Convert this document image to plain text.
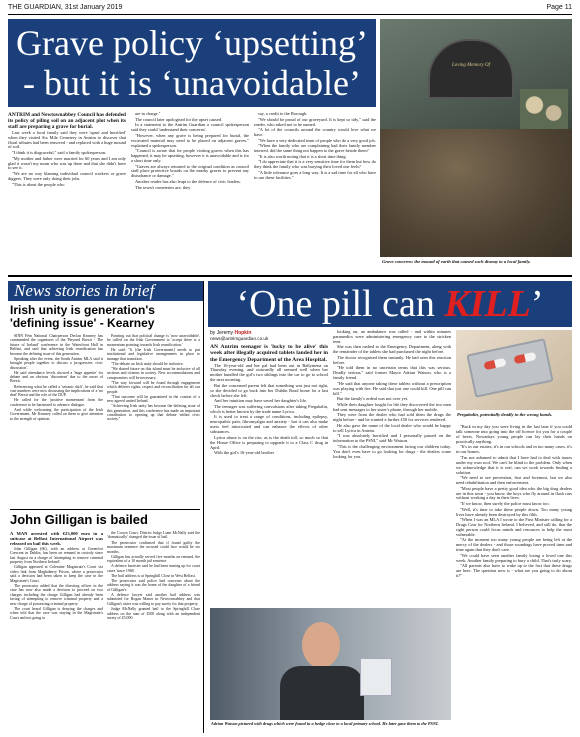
THE GUARDIAN, 31st January 2019	Page 11
Grave policy ‘upsetting’
- but it is ‘unavoidable’	Loving Memory Of
Grave concerns: the mound of earth that caused such dismay to a local family.

ANTRIM and Newtownabbey Council has defended its policy of piling soil on an adjacent plot when its staff are preparing a grave for burial.

Last week a local family said they were 'upset and horrified' when they visited Six Mile Cemetery in Antrim to discover that floral tributes had been removed - and replaced with a huge mound of soil.

"I think it is disgraceful," said a family spokesperson.

"My mother and father were married for 60 years and I am only glad it wasn't my mum who was up there and that she didn't have to see it.

"We are no way blaming individual council workers or grave diggers. They were only doing their jobs.

"This is about the people who

are in charge."

The council later apologised for the upset caused.

In a statement to the Antrim Guardian a council spokesperson said they could 'understand their concerns'.

"However, when any grave is being prepared for burial, the excavated material may need to be placed on adjacent graves," explained a spokesperson.

"Council is aware that for people visiting graves when this has happened, it may be upsetting, however it is unavoidable and is for a short time only.

"Graves are always returned to the original condition as council staff place protective boards on the nearby graves to prevent any disturbance or damage."

Another reader has also leapt to the defence of civic leaders.

The town's cemeteries are, they

say, a credit to the Borough.

"We should be proud of our graveyard. It is kept so tidy," said the reader, who asked not to be named.

"A lot of the councils around the country would love what we have.

"We have a very dedicated team of people who do a very good job.

"When the family who are complaining had their family member interred, did the same thing not happen to the grave beside them?

"It is also worth noting that it is a short time thing.

"I do appreciate that it is a very sensitive time for them but how do they think the family who was burying their loved one feels?

"A little tolerance goes a long way. It is a sad time for all who have to use these facilities."

News stories in brief
Irish unity is generation's 'defining issue' - Kearney

SINN Féin National Chairperson Declan Kearney has commended the organisers of the 'Beyond Brexit - The future of Ireland' conference in the Waterfront Hall in Belfast, and said that achieving Irish reunification has become the defining issue of this generation.

Speaking after the event, the South Antrim MLA said it brought people together to discuss a 'progressive, civic discussion'.

He said attendance levels showed a 'huge appetite' for debate and an obvious 'discontent' due to the onset of Brexit.

Referencing what he called a 'seismic shift', he said that vast numbers were now discussing the implications of a 'no deal' Brexit and the role of the DUP.

He called for the 'positive momentum' from the conference to be harnessed to advance dialogue.

And while welcoming the participation of the Irish Government, Mr Kearney called on them to give attention to the strength of opinion.

Pointing out that political change is 'now unavoidable', he called on the Irish Government to 'accept there is a momentum pointing towards Irish reunification.'

He said: "It [the Irish Government] needs to put institutional and legislative arrangements in place to manage that transition.

"The debate on Irish unity should be inclusive.

"We shared future on this island must be inclusive of all sections and citizens in society. New accommodations and compromises will be necessary.

"The way forward will be found through engagement which delivers rights, respect and reconciliation for all our people.

"That outcome will be guaranteed in the context of a new agreed united Ireland.

"Achieving Irish unity has become the defining issue of this generation, and this conference has made an important contribution to opening up that debate within civic society."

John Gilligan is bailed

A MAN arrested with €23,000 euro in a suitcase at Belfast International Airport was released on bail this week.

John Gilligan (66), with an address at Greenfort Crescent in Dublin, has been on remand in custody since last August on a charge of 'attempting to remove criminal property from Northern Ireland'.

Gilligan appeared at Coleraine Magistrate's Court via video link from Maghaberry Prison, where a prosecutor said a decision had been taken to keep the case in the Magistrate's Court.

The prosecutor added that the directing officer in the case has now also made a decision to proceed on two charges including the charge Gilligan had already been facing of attempting to remove criminal property and a new charge of possessing criminal property.

The court heard Gilligan is denying the charges and when told that the case was staying in the Magistrate's Court and not going to

the Crown Court, District Judge Liam McNally said the 'dramatically' changed the issue of bail.

The prosecutor confirmed that if found guilty the maximum sentence the accused could face would be six months.

Gilligan has actually served five months on remand, the equivalent of a 10 month jail sentence.

A defence barrister said he had been turning up for court cases 'since 1966'.

The bail address is at Springhill Close in West Belfast.

The prosecutor said police had concerns about the address saying it was the home of the daughter of a friend of Gilligan's.

A defence lawyer said another bail address was submitted for Rogan Manor in Newtownabbey and that Gilligan's sister was willing to pay surety for that property.

Judge McNally granted bail to the Springhill Close address on the sum of £500 along with an independent surety of £5,000.

‘One pill can KILL’
by Jeremy Hopkin
news@antrimguardian.co.uk

AN Antrim teenager is 'lucky to be alive' this week after illegally acquired tablets landed her in the Emergency Department of the Area Hospital.

The 16-year-old and her pal had been out in Ballymena on Thursday evening, and outwardly all seemed well when her mother bundled the girl's two siblings into the car to go to school the next morning.

But the concerned parent felt that something was just not right, so she decided to go back into her Dublin Road home for a last check before she left.

And her intuition may have saved her daughter's life.

The teenager was suffering convulsions after taking Pregabalin, which is better known by the trade name Lyrica.

It is used to treat a range of conditions, including epilepsy, neuropathic pain, fibromyalgia and anxiety - but it can also make users feel intoxicated and can enhance the effects of other substances.

Lyrica abuse is on the rise, as is the death toll, so much so that the Home Office is preparing to upgrade it to a Class C drug in April.

With the girl's 16-year-old brother

looking on, an ambulance was called - and within minutes paramedics were administering emergency care to the stricken teen.

She was then rushed to the Emergency Department, along with the remainder of the tablets she had purchased the night before.

The doctor recognised them instantly. He had seen this reaction before.

"He told them in no uncertain terms that this was serious. Deadly serious," said former Mayor Adrian Watson, who is a family friend.

"He said that anyone taking these tablets without a prescription was playing with fire. He said that just one could kill. One pill can kill."

But the family's ordeal was not over yet.

While their daughter fought for life they discovered the two men had sent messages to her sister's phone, through her mobile.

They were from the dealer who had sold them the drugs the night before - and he wanted a further £50 for services rendered.

He also gave the name of the local dealer who would be happy to sell Lyrica in Antrim.

"I was absolutely horrified and I personally passed on the information to the PSNI," said Mr Watson.

"This is the challenging environment facing our children today. You don't even have to go looking for drugs - the dealers come looking for you.

Pregabalin, potentially deadly in the wrong hands.

"Back in my day you were living in the fast lane if you could talk someone into going into the off licence for you for a couple of beers. Nowadays young people can lay their hands on practically anything.

"It's in our estates, it's in our schools and in too many cases, it's in our homes.

"I'm not ashamed to admit that I have had to deal with issues under my own roof. We can't be blind to the problem. Only when we acknowledge that it is real, can we work towards finding a solution.

"We need to see prevention, first and foremost, but we also need rehabilitation and then enforcement.

"Most people have a pretty good idea who the big drug dealers are in this town - you know, the boys who fly around in flash cars without working a day in their lives.

"If we know, then surely the police must know too.

"Well, it's time to take these people down. Too many young lives have already been destroyed by this filth.

"When I was an MLA I wrote to the First Minister calling for a Drugs Czar for Northern Ireland. I believed, and still do, that the right person could focus minds and resources to help the most vulnerable.

"At the moment too many young people are being left at the mercy of the dealers - and those scumbags have proved time and time again that they don't care.

"We could have seen another family losing a loved one this week. Another family preparing to bury a child. That's truly scary.

"All parents also have to wake up to the fact that these drugs are here. The question now is - what are you going to do about it?"

Adrian Watson pictured with drugs which were found in a hedge close to a local primary school. He later gave them to the PSNI.
